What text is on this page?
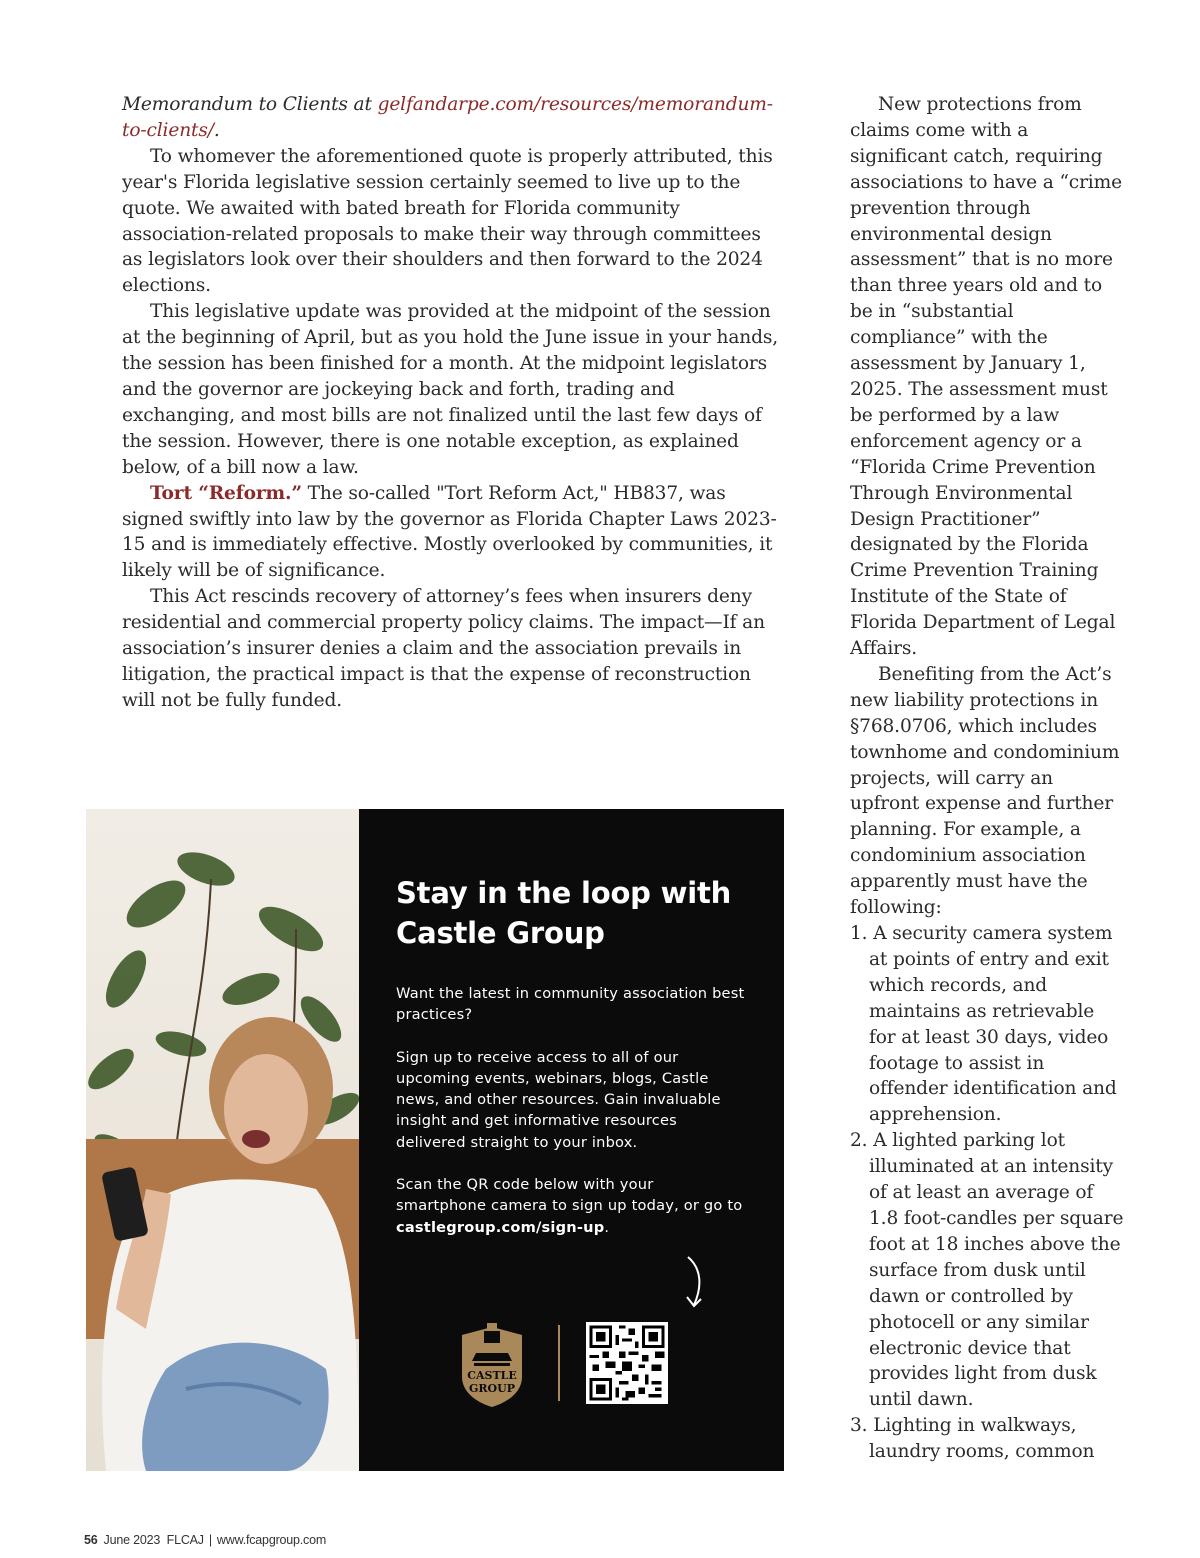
Memorandum to Clients at gelfandarpe.com/resources/memorandum-to-clients/.

To whomever the aforementioned quote is properly attributed, this year's Florida legislative session certainly seemed to live up to the quote. We awaited with bated breath for Florida community association-related proposals to make their way through committees as legislators look over their shoulders and then forward to the 2024 elections.

This legislative update was provided at the midpoint of the session at the beginning of April, but as you hold the June issue in your hands, the session has been finished for a month. At the midpoint legislators and the governor are jockeying back and forth, trading and exchanging, and most bills are not finalized until the last few days of the session. However, there is one notable exception, as explained below, of a bill now a law.

Tort “Reform.” The so-called "Tort Reform Act," HB837, was signed swiftly into law by the governor as Florida Chapter Laws 2023-15 and is immediately effective. Mostly overlooked by communities, it likely will be of significance.

This Act rescinds recovery of attorney’s fees when insurers deny residential and commercial property policy claims. The impact—If an association’s insurer denies a claim and the association prevails in litigation, the practical impact is that the expense of reconstruction will not be fully funded.

New protections from claims come with a significant catch, requiring associations to have a “crime prevention through environmental design assessment” that is no more than three years old and to be in “substantial compliance” with the assessment by January 1, 2025. The assessment must be performed by a law enforcement agency or a “Florida Crime Prevention Through Environmental Design Practitioner” designated by the Florida Crime Prevention Training Institute of the State of Florida Department of Legal Affairs.

Benefiting from the Act’s new liability protections in §768.0706, which includes townhome and condominium projects, will carry an upfront expense and further planning. For example, a condominium association apparently must have the following:

1. A security camera system at points of entry and exit which records, and maintains as retrievable for at least 30 days, video footage to assist in offender identification and apprehension.
2. A lighted parking lot illuminated at an intensity of at least an average of 1.8 foot-candles per square foot at 18 inches above the surface from dusk until dawn or controlled by photocell or any similar electronic device that provides light from dusk until dawn.
3. Lighting in walkways, laundry rooms, common
Stay in the loop with Castle Group

Want the latest in community association best practices?

Sign up to receive access to all of our upcoming events, webinars, blogs, Castle news, and other resources. Gain invaluable insight and get informative resources delivered straight to your inbox.

Scan the QR code below with your smartphone camera to sign up today, or go to castlegroup.com/sign-up.

CASTLE
GROUP
56 June 2023 FLCAJ | www.fcapgroup.com
